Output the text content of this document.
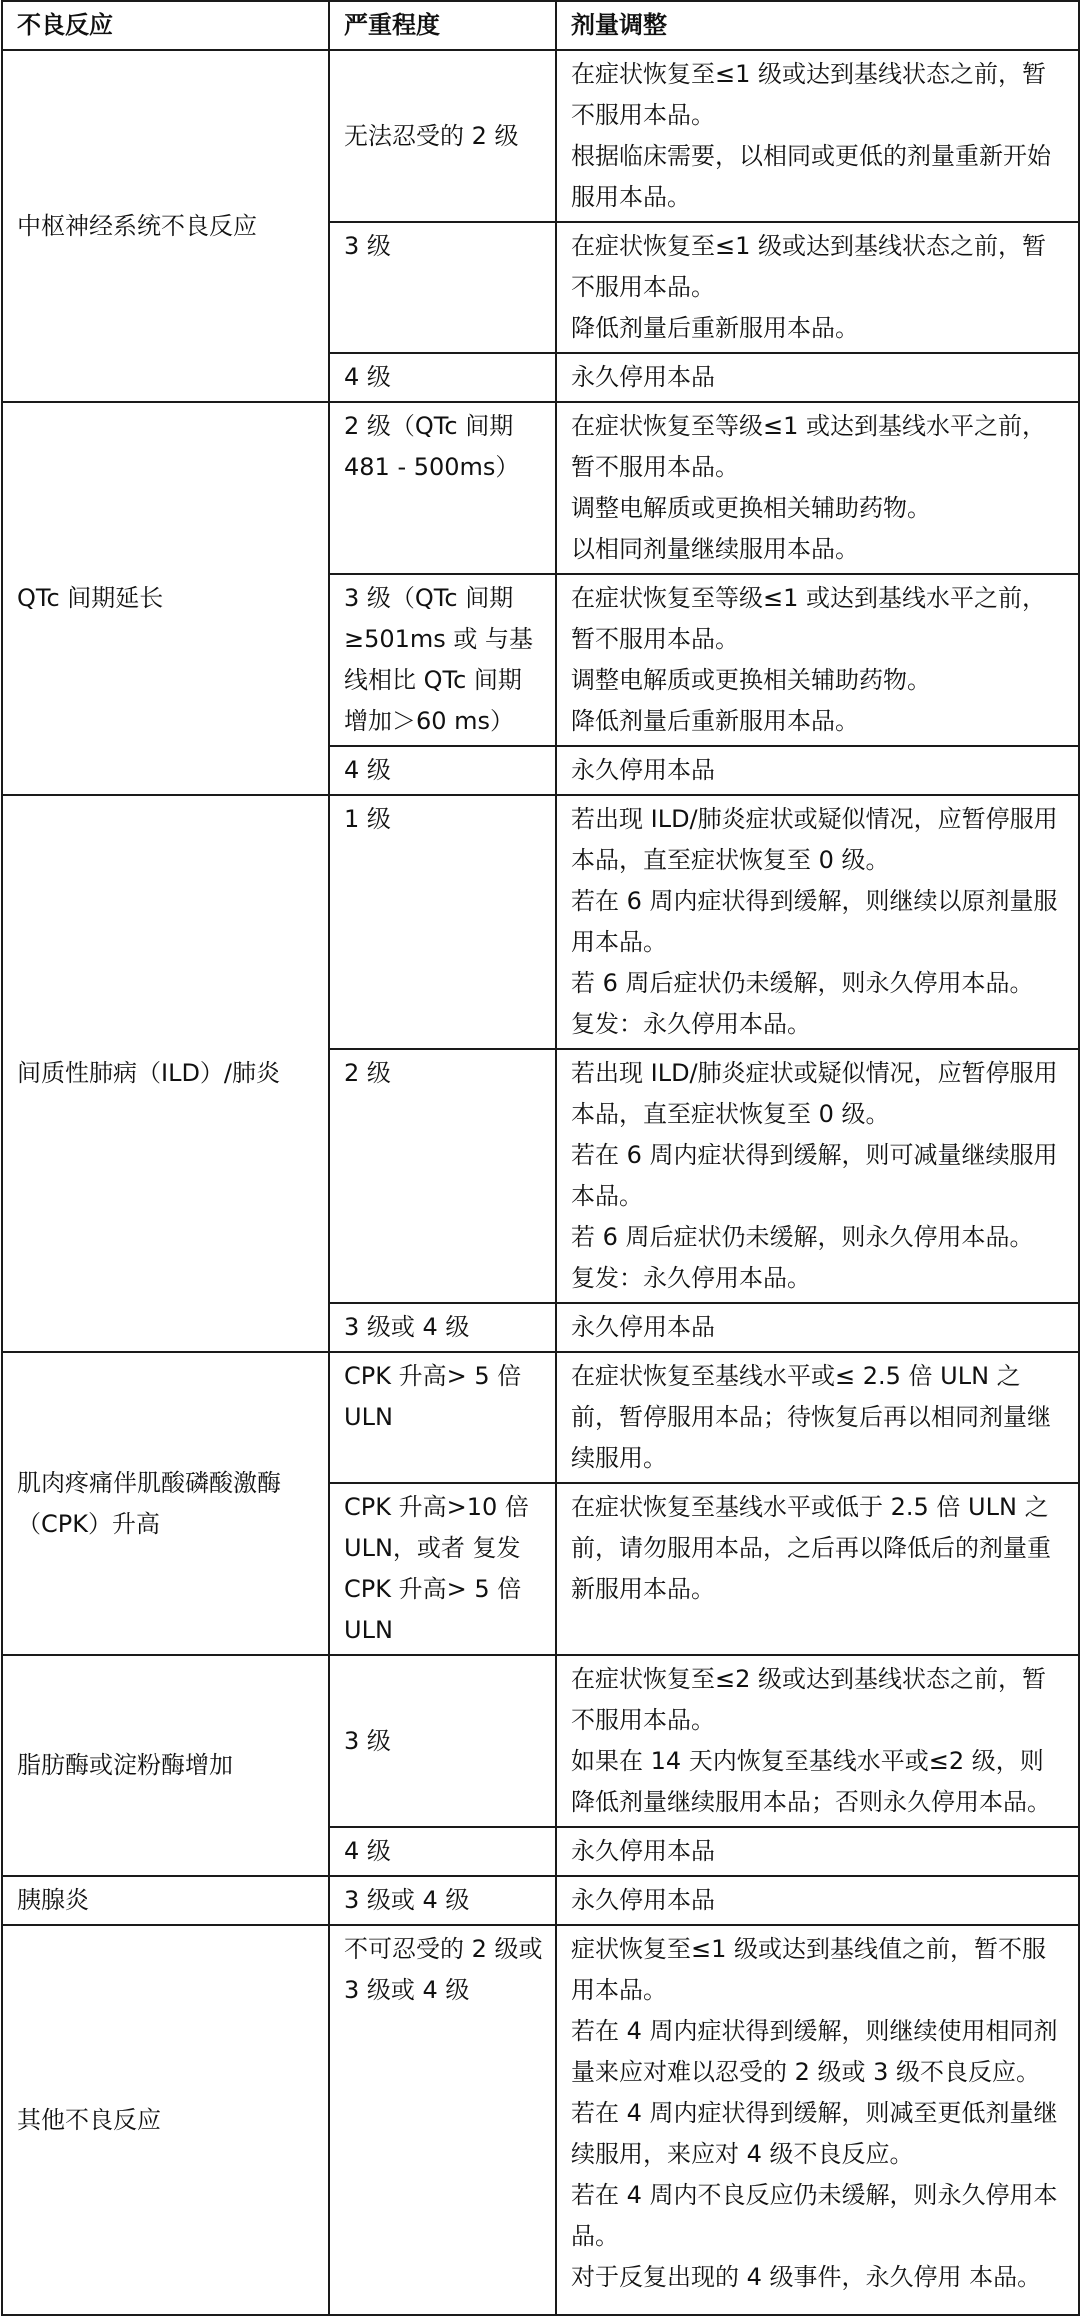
不良反应	严重程度	剂量调整
中枢神经系统不良反应	无法忍受的 2 级	在症状恢复至≤1 级或达到基线状态之前，暂不服用本品。
根据临床需要，以相同或更低的剂量重新开始服用本品。

	3 级	在症状恢复至≤1 级或达到基线状态之前，暂不服用本品。
降低剂量后重新服用本品。

	4 级	永久停用本品

QTc 间期延长	2 级（QTc 间期 481 - 500ms）	在症状恢复至等级≤1 或达到基线水平之前，暂不服用本品。
调整电解质或更换相关辅助药物。
以相同剂量继续服用本品。

	3 级（QTc 间期≥501ms 或 与基线相比 QTc 间期增加＞60 ms）	在症状恢复至等级≤1 或达到基线水平之前，暂不服用本品。
调整电解质或更换相关辅助药物。
降低剂量后重新服用本品。

	4 级	永久停用本品

间质性肺病（ILD）/肺炎	1 级	若出现 ILD/肺炎症状或疑似情况，应暂停服用本品，直至症状恢复至 0 级。
若在 6 周内症状得到缓解，则继续以原剂量服用本品。
若 6 周后症状仍未缓解，则永久停用本品。
复发：永久停用本品。

	2 级	若出现 ILD/肺炎症状或疑似情况，应暂停服用本品，直至症状恢复至 0 级。
若在 6 周内症状得到缓解，则可减量继续服用本品。
若 6 周后症状仍未缓解，则永久停用本品。
复发：永久停用本品。

	3 级或 4 级	永久停用本品

肌肉疼痛伴肌酸磷酸激酶（CPK）升高	CPK 升高> 5 倍 ULN	在症状恢复至基线水平或≤ 2.5 倍 ULN 之前，暂停服用本品；待恢复后再以相同剂量继续服用。

	CPK 升高>10 倍 ULN，或者 复发 CPK 升高> 5 倍 ULN	在症状恢复至基线水平或低于 2.5 倍 ULN 之前，请勿服用本品，之后再以降低后的剂量重新服用本品。

脂肪酶或淀粉酶增加	3 级	在症状恢复至≤2 级或达到基线状态之前，暂不服用本品。
如果在 14 天内恢复至基线水平或≤2 级，则降低剂量继续服用本品；否则永久停用本品。

	4 级	永久停用本品

胰腺炎	3 级或 4 级	永久停用本品

其他不良反应	不可忍受的 2 级或 3 级或 4 级	症状恢复至≤1 级或达到基线值之前，暂不服用本品。
若在 4 周内症状得到缓解，则继续使用相同剂量来应对难以忍受的 2 级或 3 级不良反应。
若在 4 周内症状得到缓解，则减至更低剂量继续服用，来应对 4 级不良反应。
若在 4 周内不良反应仍未缓解，则永久停用本品。
对于反复出现的 4 级事件，永久停用 本品。
